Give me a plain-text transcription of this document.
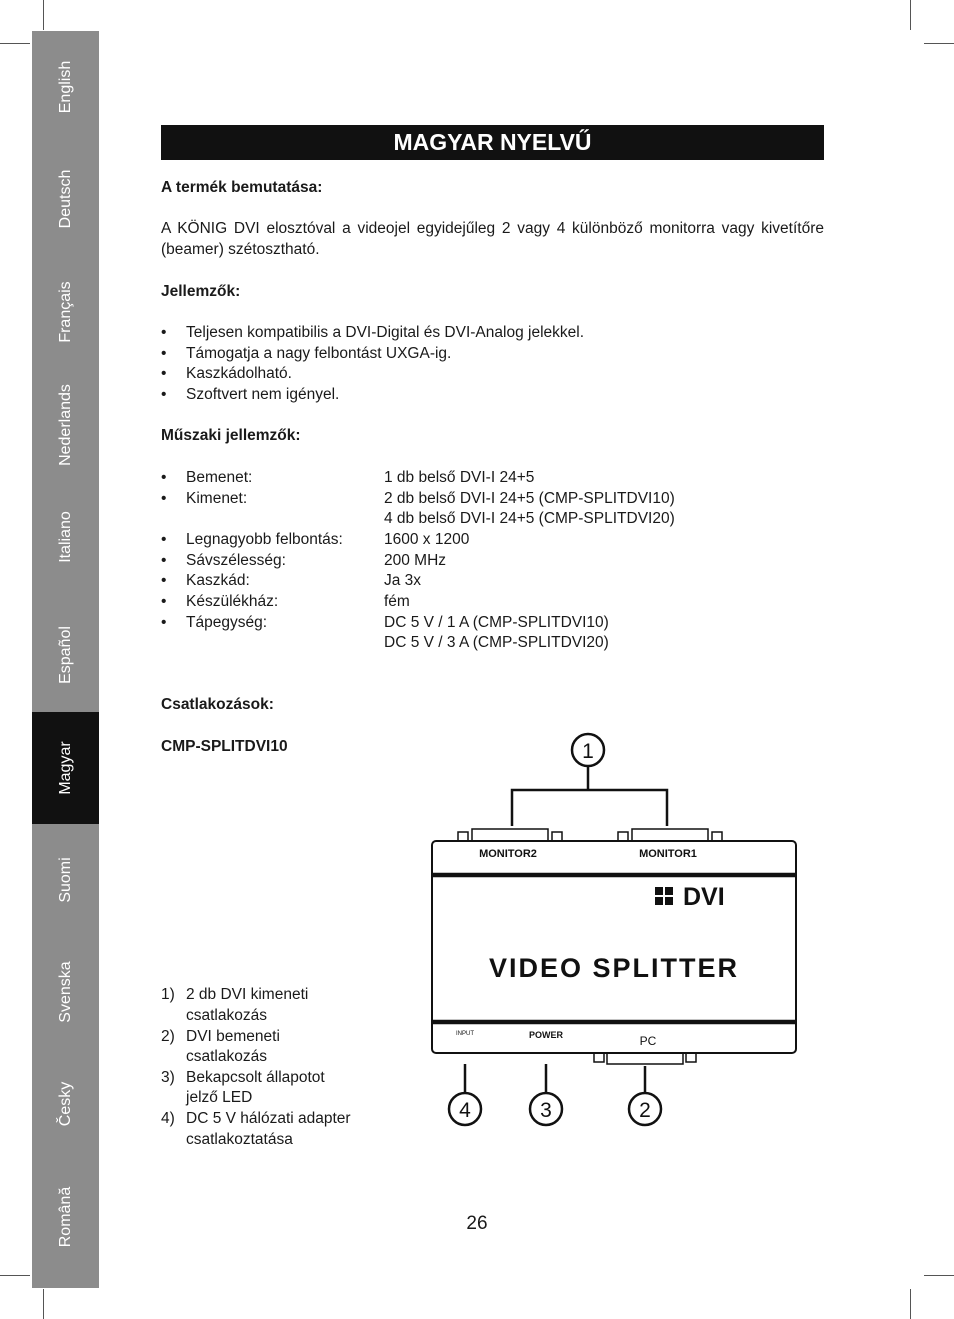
English
Deutsch
Français
Nederlands
Italiano
Español
Magyar
Suomi
Svenska
Česky
Română
MAGYAR NYELVŰ
A termék bemutatása:
A KÖNIG DVI elosztóval a videojel egyidejűleg 2 vagy 4 különböző monitorra vagy kivetítőre (beamer) szétosztható.
Jellemzők:
• Teljesen kompatibilis a DVI-Digital és DVI-Analog jelekkel.
• Támogatja a nagy felbontást UXGA-ig.
• Kaszkádolható.
• Szoftvert nem igényel.
Műszaki jellemzők:
• Bemenet:	1 db belső DVI-I 24+5
• Kimenet:	2 db belső DVI-I 24+5 (CMP-SPLITDVI10)
4 db belső DVI-I 24+5 (CMP-SPLITDVI20)
• Legnagyobb felbontás:	1600 x 1200
• Sávszélesség:	200 MHz
• Kaszkád:	Ja 3x
• Készülékház:	fém
• Tápegység:	DC 5 V / 1 A (CMP-SPLITDVI10)
DC 5 V / 3 A (CMP-SPLITDVI20)
Csatlakozások:
CMP-SPLITDVI10
1) 2 db DVI kimeneti
csatlakozás
2) DVI bemeneti
csatlakozás
3) Bekapcsolt állapotot
jelző LED
4) DC 5 V hálózati adapter
csatlakoztatása
1
MONITOR2	MONITOR1
DVI
VIDEO SPLITTER
INPUT	POWER	PC
4	3	2
26
